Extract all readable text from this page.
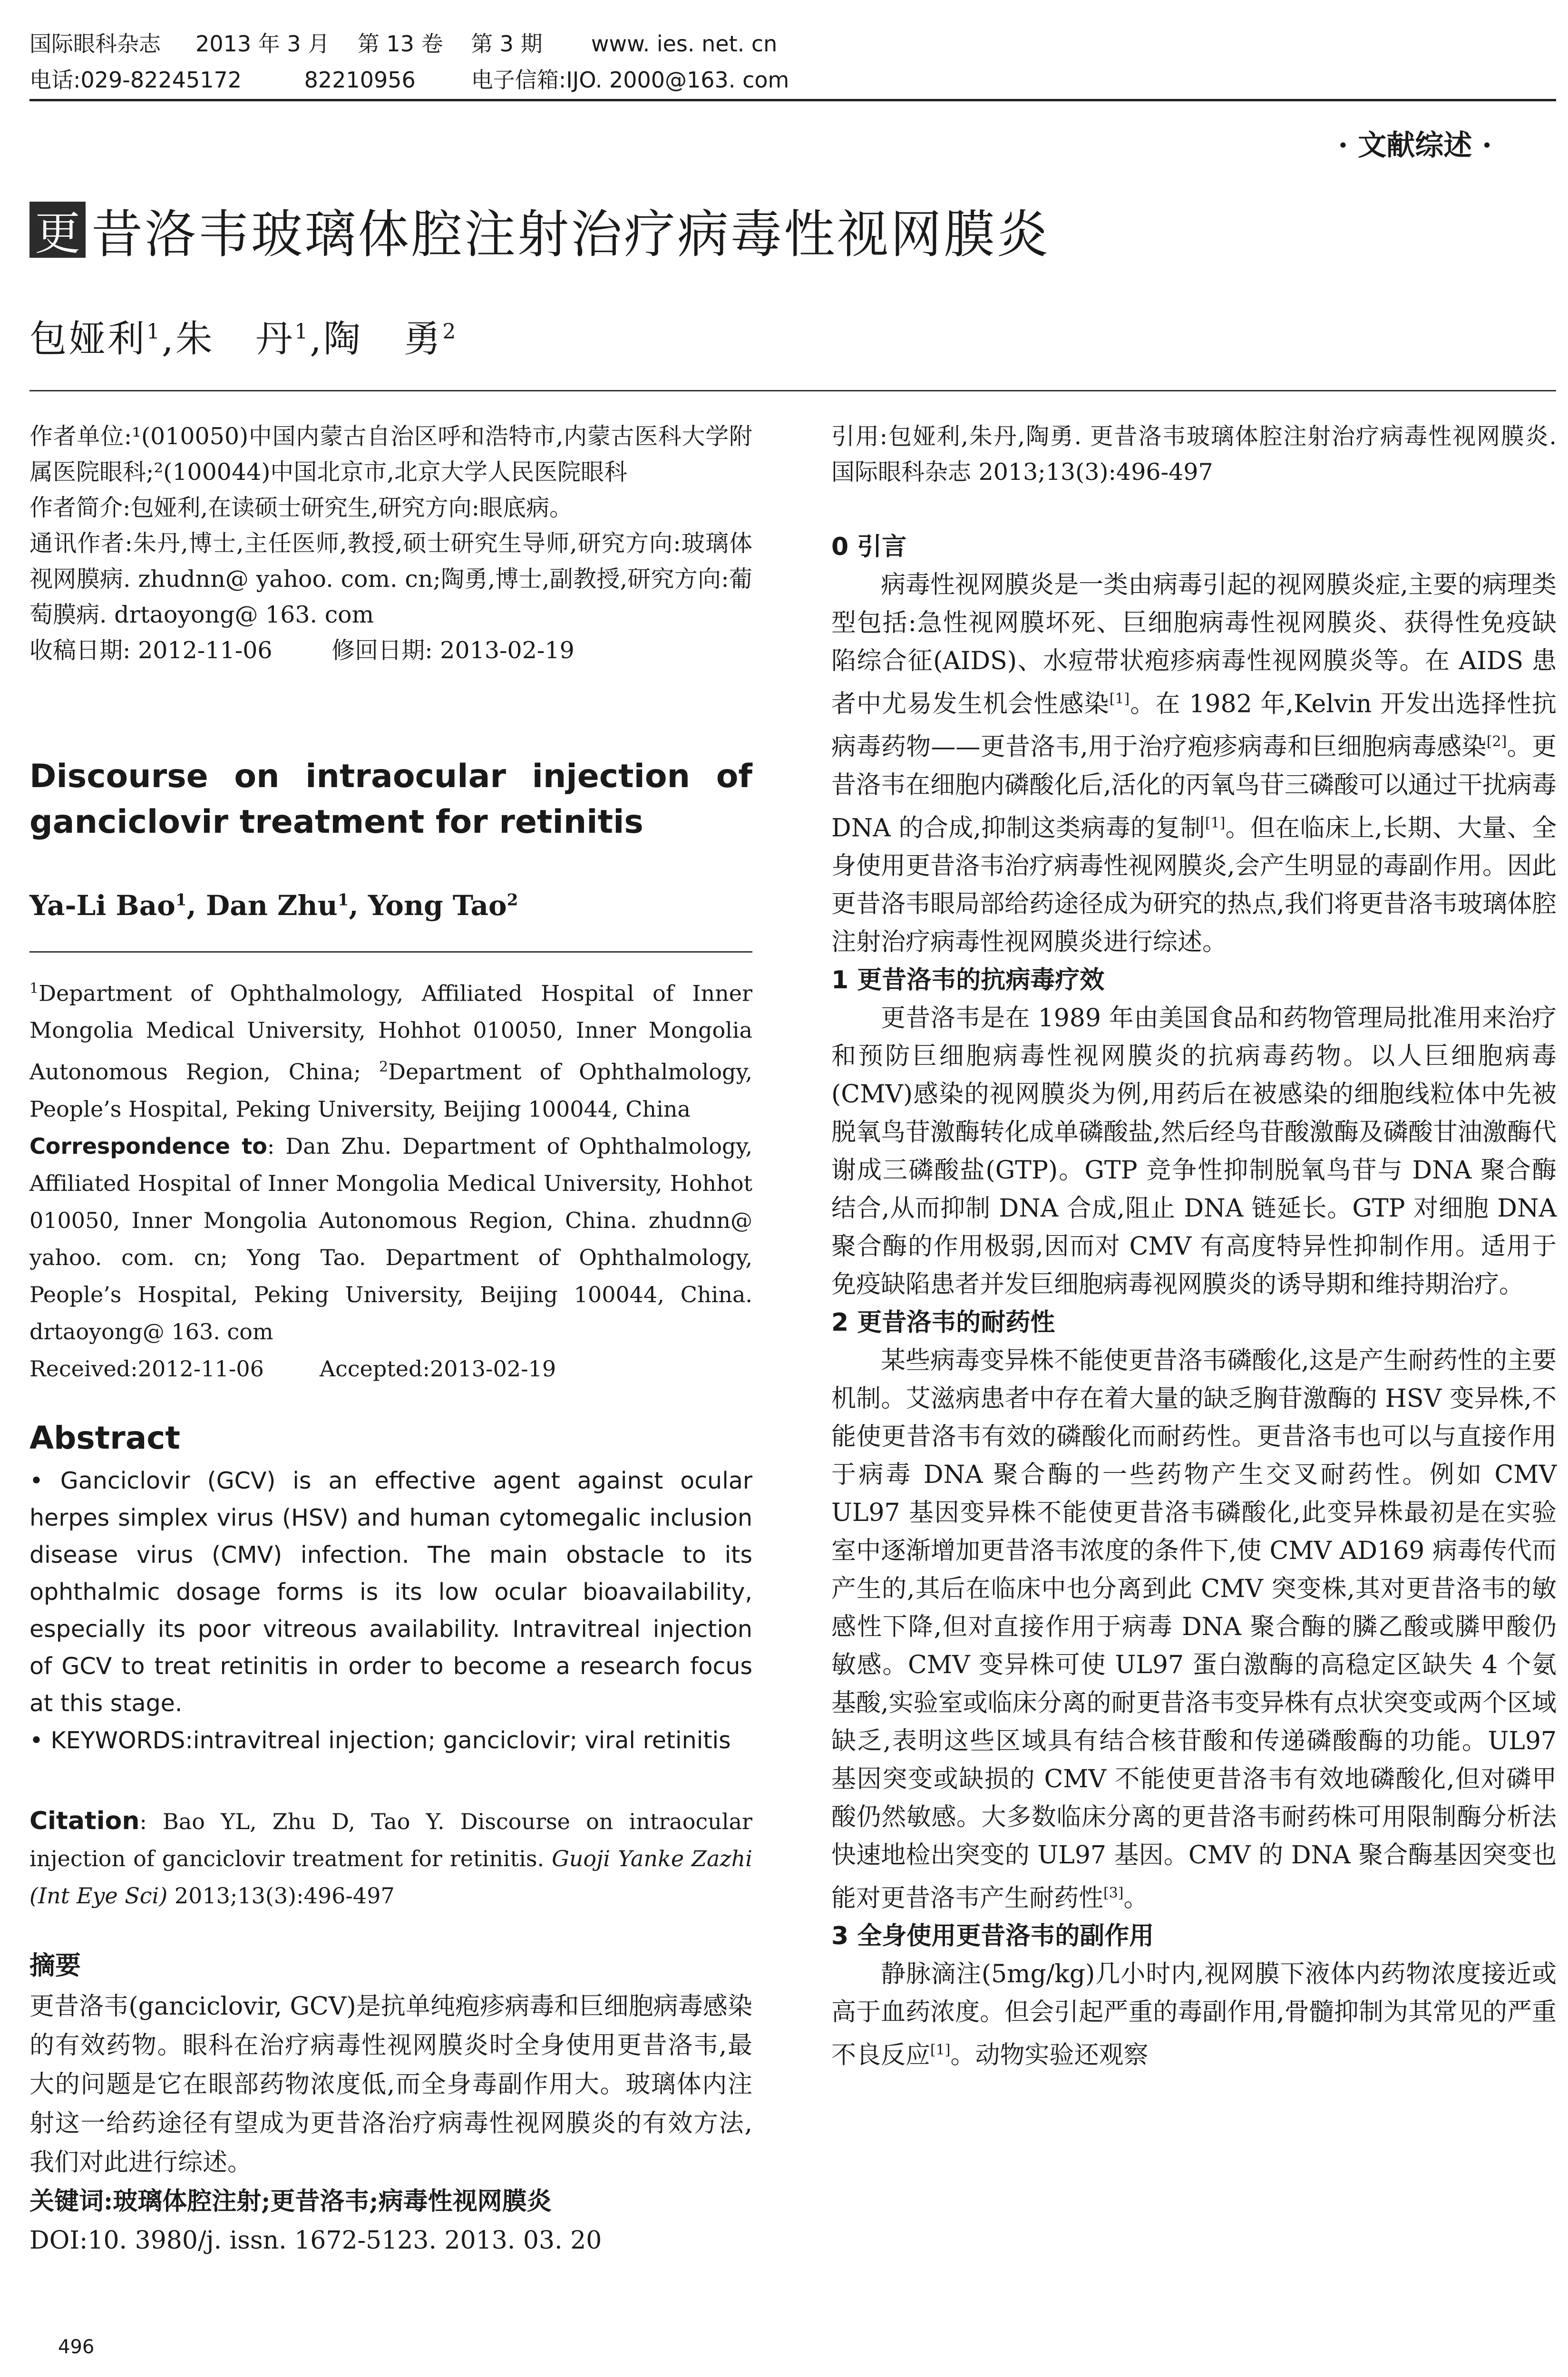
国际眼科杂志     2013 年 3 月    第 13 卷    第 3 期       www. ies. net. cn
电话:029-82245172         82210956        电子信箱:IJO. 2000@163. com
· 文献综述 ·
更 昔洛韦玻璃体腔注射治疗病毒性视网膜炎
包娅利$^1$,朱   丹$^1$,陶   勇$^2$

作者单位:¹(010050)中国内蒙古自治区呼和浩特市,内蒙古医科大学附属医院眼科;²(100044)中国北京市,北京大学人民医院眼科

作者简介:包娅利,在读硕士研究生,研究方向:眼底病。

通讯作者:朱丹,博士,主任医师,教授,硕士研究生导师,研究方向:玻璃体视网膜病. zhudnn@ yahoo. com. cn;陶勇,博士,副教授,研究方向:葡萄膜病. drtaoyong@ 163. com

收稿日期: 2012-11-06        修回日期: 2013-02-19

Discourse on intraocular injection of ganciclovir treatment for retinitis
Ya-Li Bao$^1$, Dan Zhu$^1$, Yong Tao$^2$

$^1$Department of Ophthalmology, Affiliated Hospital of Inner Mongolia Medical University, Hohhot 010050, Inner Mongolia Autonomous Region, China; $^2$Department of Ophthalmology, People’s Hospital, Peking University, Beijing 100044, China

Correspondence to: Dan Zhu. Department of Ophthalmology, Affiliated Hospital of Inner Mongolia Medical University, Hohhot 010050, Inner Mongolia Autonomous Region, China. zhudnn@ yahoo. com. cn; Yong Tao. Department of Ophthalmology, People’s Hospital, Peking University, Beijing 100044, China. drtaoyong@ 163. com

Received:2012-11-06        Accepted:2013-02-19

Abstract

• Ganciclovir (GCV) is an effective agent against ocular herpes simplex virus (HSV) and human cytomegalic inclusion disease virus (CMV) infection. The main obstacle to its ophthalmic dosage forms is its low ocular bioavailability, especially its poor vitreous availability. Intravitreal injection of GCV to treat retinitis in order to become a research focus at this stage.

• KEYWORDS:intravitreal injection; ganciclovir; viral retinitis

Citation: Bao YL, Zhu D, Tao Y. Discourse on intraocular injection of ganciclovir treatment for retinitis. Guoji Yanke Zazhi (Int Eye Sci) 2013;13(3):496-497

摘要

更昔洛韦(ganciclovir, GCV)是抗单纯疱疹病毒和巨细胞病毒感染的有效药物。眼科在治疗病毒性视网膜炎时全身使用更昔洛韦,最大的问题是它在眼部药物浓度低,而全身毒副作用大。玻璃体内注射这一给药途径有望成为更昔洛治疗病毒性视网膜炎的有效方法,我们对此进行综述。

关键词:玻璃体腔注射;更昔洛韦;病毒性视网膜炎

DOI:10. 3980/j. issn. 1672-5123. 2013. 03. 20

496

引用:包娅利,朱丹,陶勇. 更昔洛韦玻璃体腔注射治疗病毒性视网膜炎. 国际眼科杂志 2013;13(3):496-497

0 引言

病毒性视网膜炎是一类由病毒引起的视网膜炎症,主要的病理类型包括:急性视网膜坏死、巨细胞病毒性视网膜炎、获得性免疫缺陷综合征(AIDS)、水痘带状疱疹病毒性视网膜炎等。在 AIDS 患者中尤易发生机会性感染[1]。在 1982 年,Kelvin 开发出选择性抗病毒药物——更昔洛韦,用于治疗疱疹病毒和巨细胞病毒感染[2]。更昔洛韦在细胞内磷酸化后,活化的丙氧鸟苷三磷酸可以通过干扰病毒 DNA 的合成,抑制这类病毒的复制[1]。但在临床上,长期、大量、全身使用更昔洛韦治疗病毒性视网膜炎,会产生明显的毒副作用。因此更昔洛韦眼局部给药途径成为研究的热点,我们将更昔洛韦玻璃体腔注射治疗病毒性视网膜炎进行综述。

1 更昔洛韦的抗病毒疗效

更昔洛韦是在 1989 年由美国食品和药物管理局批准用来治疗和预防巨细胞病毒性视网膜炎的抗病毒药物。以人巨细胞病毒(CMV)感染的视网膜炎为例,用药后在被感染的细胞线粒体中先被脱氧鸟苷激酶转化成单磷酸盐,然后经鸟苷酸激酶及磷酸甘油激酶代谢成三磷酸盐(GTP)。GTP 竞争性抑制脱氧鸟苷与 DNA 聚合酶结合,从而抑制 DNA 合成,阻止 DNA 链延长。GTP 对细胞 DNA 聚合酶的作用极弱,因而对 CMV 有高度特异性抑制作用。适用于免疫缺陷患者并发巨细胞病毒视网膜炎的诱导期和维持期治疗。

2 更昔洛韦的耐药性

某些病毒变异株不能使更昔洛韦磷酸化,这是产生耐药性的主要机制。艾滋病患者中存在着大量的缺乏胸苷激酶的 HSV 变异株,不能使更昔洛韦有效的磷酸化而耐药性。更昔洛韦也可以与直接作用于病毒 DNA 聚合酶的一些药物产生交叉耐药性。例如 CMV UL97 基因变异株不能使更昔洛韦磷酸化,此变异株最初是在实验室中逐渐增加更昔洛韦浓度的条件下,使 CMV AD169 病毒传代而产生的,其后在临床中也分离到此 CMV 突变株,其对更昔洛韦的敏感性下降,但对直接作用于病毒 DNA 聚合酶的膦乙酸或膦甲酸仍敏感。CMV 变异株可使 UL97 蛋白激酶的高稳定区缺失 4 个氨基酸,实验室或临床分离的耐更昔洛韦变异株有点状突变或两个区域缺乏,表明这些区域具有结合核苷酸和传递磷酸酶的功能。UL97 基因突变或缺损的 CMV 不能使更昔洛韦有效地磷酸化,但对磷甲酸仍然敏感。大多数临床分离的更昔洛韦耐药株可用限制酶分析法快速地检出突变的 UL97 基因。CMV 的 DNA 聚合酶基因突变也能对更昔洛韦产生耐药性[3]。

3 全身使用更昔洛韦的副作用

静脉滴注(5mg/kg)几小时内,视网膜下液体内药物浓度接近或高于血药浓度。但会引起严重的毒副作用,骨髓抑制为其常见的严重不良反应[1]。动物实验还观察
